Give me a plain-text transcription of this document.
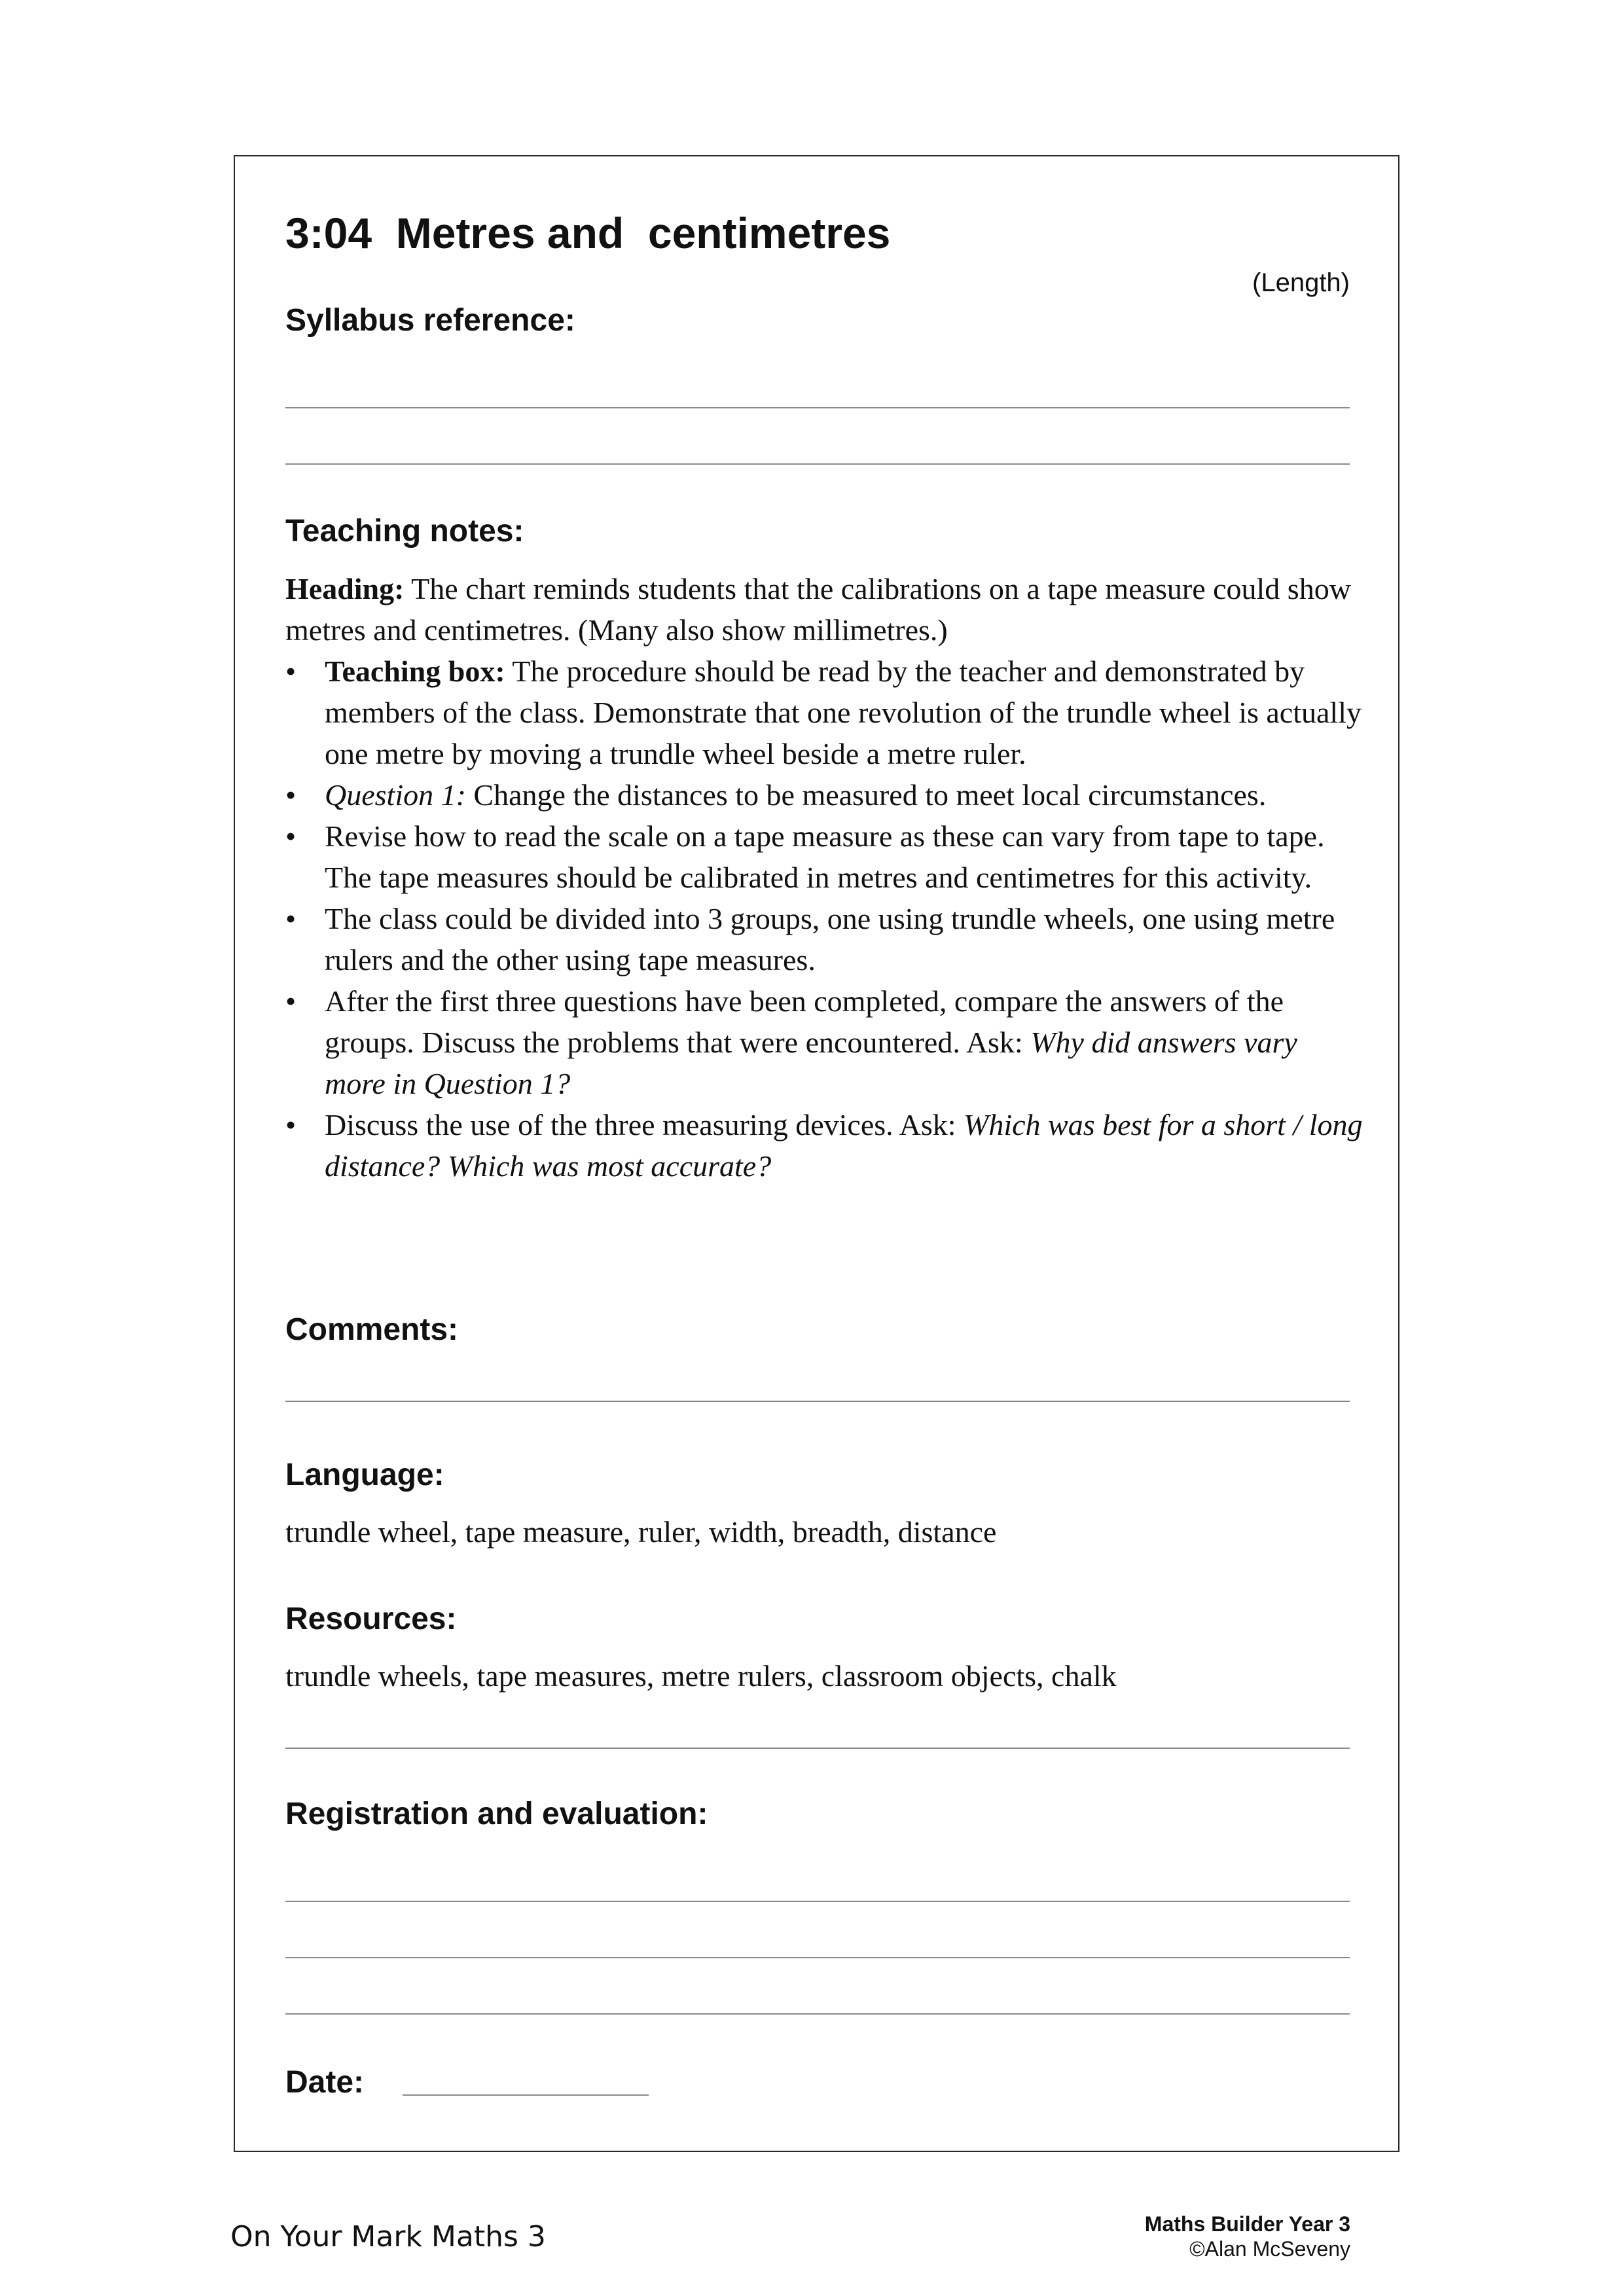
3:04  Metres and  centimetres
(Length)
Syllabus reference:
Teaching notes:
Heading: The chart reminds students that the calibrations on a tape measure could show metres and centimetres. (Many also show millimetres.)
• Teaching box: The procedure should be read by the teacher and demonstrated by members of the class. Demonstrate that one revolution of the trundle wheel is actually one metre by moving a trundle wheel beside a metre ruler.
• Question 1: Change the distances to be measured to meet local circumstances.
• Revise how to read the scale on a tape measure as these can vary from tape to tape. The tape measures should be calibrated in metres and centimetres for this activity.
• The class could be divided into 3 groups, one using trundle wheels, one using metre rulers and the other using tape measures.
• After the first three questions have been completed, compare the answers of the groups. Discuss the problems that were encountered. Ask: Why did answers vary more in Question 1?
• Discuss the use of the three measuring devices. Ask: Which was best for a short / long distance? Which was most accurate?
Comments:
Language:
trundle wheel, tape measure, ruler, width, breadth, distance
Resources:
trundle wheels, tape measures, metre rulers, classroom objects, chalk
Registration and evaluation:
Date:
On Your Mark Maths 3	Maths Builder Year 3
©Alan McSeveny
